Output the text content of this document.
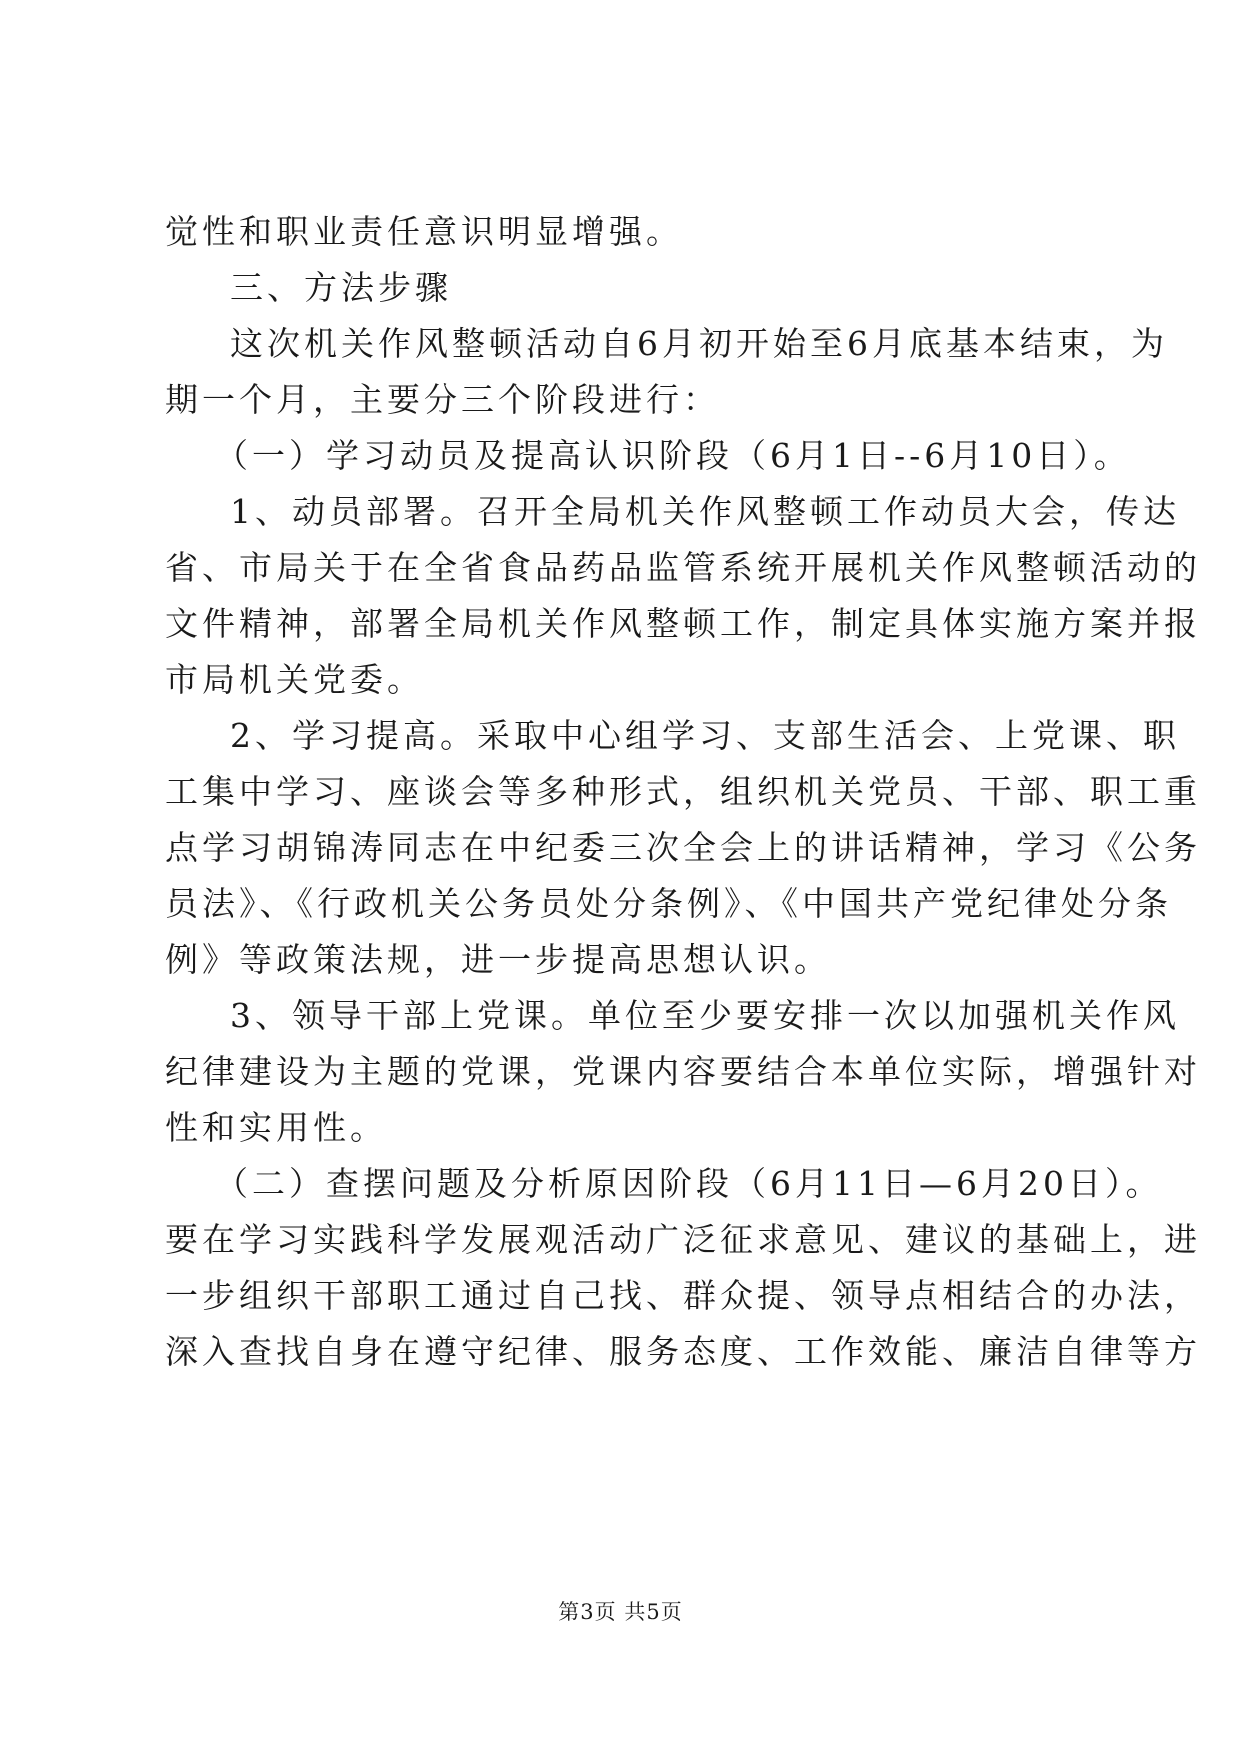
觉性和职业责任意识明显增强。
三、方法步骤
这次机关作风整顿活动自6月初开始至6月底基本结束，为
期一个月，主要分三个阶段进行：
（一）学习动员及提高认识阶段（6月1日--6月10日）。
1、动员部署。召开全局机关作风整顿工作动员大会，传达
省、市局关于在全省食品药品监管系统开展机关作风整顿活动的
文件精神，部署全局机关作风整顿工作，制定具体实施方案并报
市局机关党委。
2、学习提高。采取中心组学习、支部生活会、上党课、职
工集中学习、座谈会等多种形式，组织机关党员、干部、职工重
点学习胡锦涛同志在中纪委三次全会上的讲话精神，学习《公务
员法》、《行政机关公务员处分条例》、《中国共产党纪律处分条
例》等政策法规，进一步提高思想认识。
3、领导干部上党课。单位至少要安排一次以加强机关作风
纪律建设为主题的党课，党课内容要结合本单位实际，增强针对
性和实用性。
（二）查摆问题及分析原因阶段（6月11日—6月20日）。
要在学习实践科学发展观活动广泛征求意见、建议的基础上，进
一步组织干部职工通过自己找、群众提、领导点相结合的办法，
深入查找自身在遵守纪律、服务态度、工作效能、廉洁自律等方
第3页 共5页
